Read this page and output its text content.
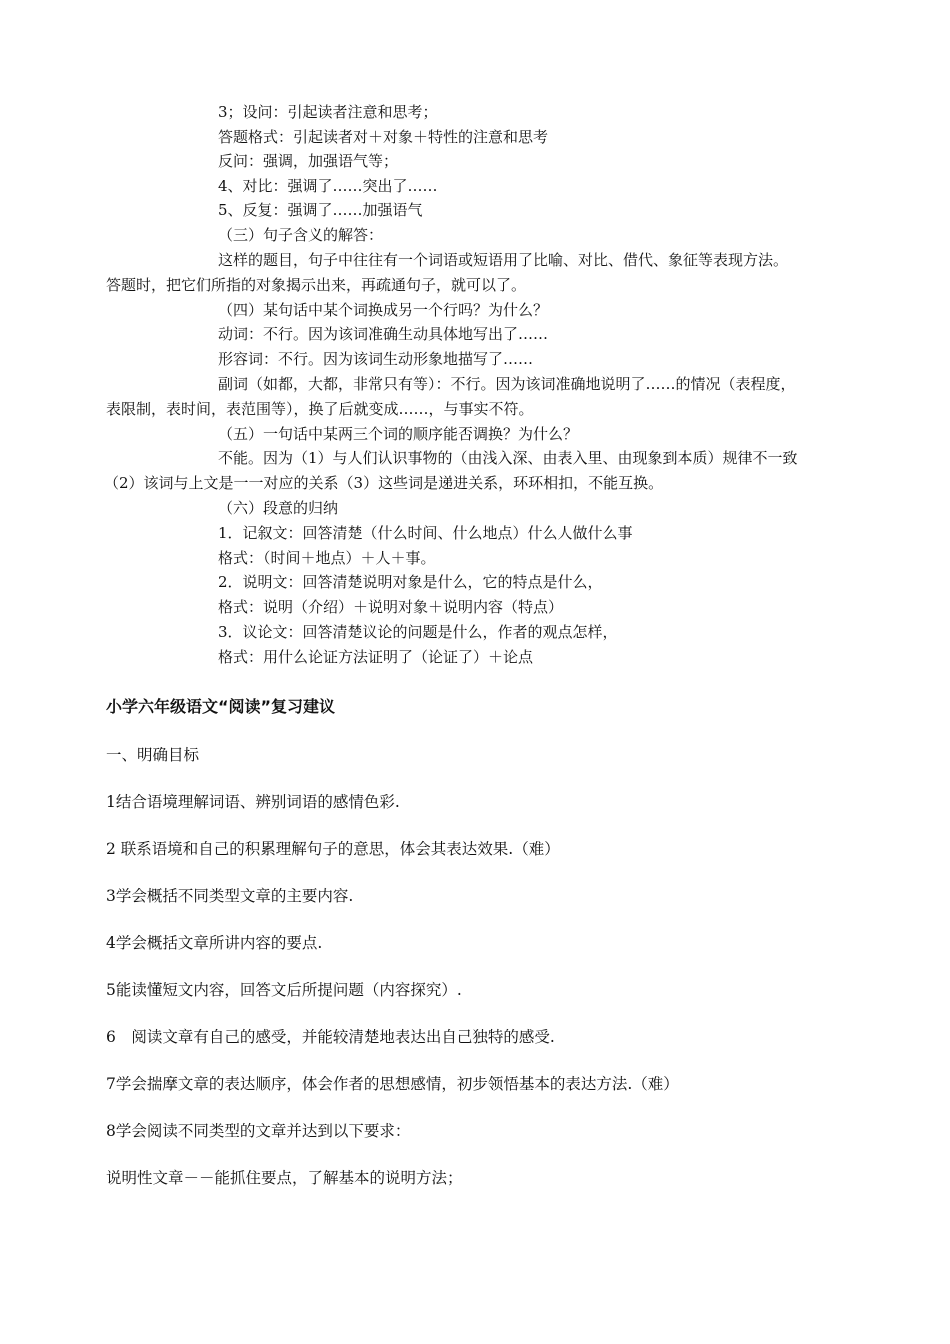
3；设问：引起读者注意和思考；
答题格式：引起读者对＋对象＋特性的注意和思考
反问：强调，加强语气等；
4、对比：强调了……突出了……
5、反复：强调了……加强语气
（三）句子含义的解答：
这样的题目，句子中往往有一个词语或短语用了比喻、对比、借代、象征等表现方法。
答题时，把它们所指的对象揭示出来，再疏通句子，就可以了。
（四）某句话中某个词换成另一个行吗？为什么？
动词：不行。因为该词准确生动具体地写出了……
形容词：不行。因为该词生动形象地描写了……
副词（如都，大都，非常只有等）：不行。因为该词准确地说明了……的情况（表程度，
表限制，表时间，表范围等），换了后就变成……，与事实不符。
（五）一句话中某两三个词的顺序能否调换？为什么？
不能。因为（1）与人们认识事物的（由浅入深、由表入里、由现象到本质）规律不一致
（2）该词与上文是一一对应的关系（3）这些词是递进关系，环环相扣，不能互换。
（六）段意的归纳
1．记叙文：回答清楚（什么时间、什么地点）什么人做什么事
格式：（时间＋地点）＋人＋事。
2．说明文：回答清楚说明对象是什么，它的特点是什么，
格式：说明（介绍）＋说明对象＋说明内容（特点）
3．议论文：回答清楚议论的问题是什么，作者的观点怎样，
格式：用什么论证方法证明了（论证了）＋论点
小学六年级语文“阅读”复习建议
一、明确目标
1结合语境理解词语、辨别词语的感情色彩.
2 联系语境和自己的积累理解句子的意思，体会其表达效果.（难）
3学会概括不同类型文章的主要内容.
4学会概括文章所讲内容的要点.
5能读懂短文内容，回答文后所提问题（内容探究）.
6　阅读文章有自己的感受，并能较清楚地表达出自己独特的感受.
7学会揣摩文章的表达顺序，体会作者的思想感情，初步领悟基本的表达方法.（难）
8学会阅读不同类型的文章并达到以下要求：
说明性文章－－能抓住要点，了解基本的说明方法；
